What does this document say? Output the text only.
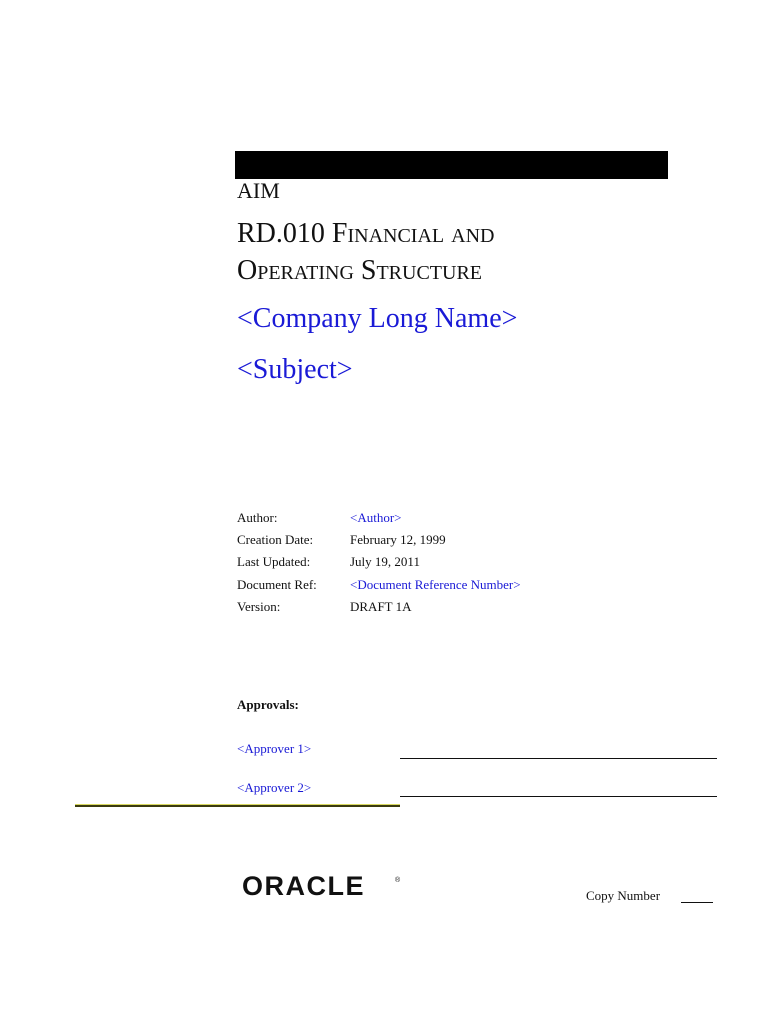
AIM
RD.010 Financial and
Operating Structure
<Company Long Name>
<Subject>
Author:	<Author>
Creation Date:	February 12, 1999
Last Updated:	July 19, 2011
Document Ref:	<Document Reference Number>
Version:	DRAFT 1A
Approvals:
<Approver 1>
<Approver 2>
ORACLE	®
Copy Number
